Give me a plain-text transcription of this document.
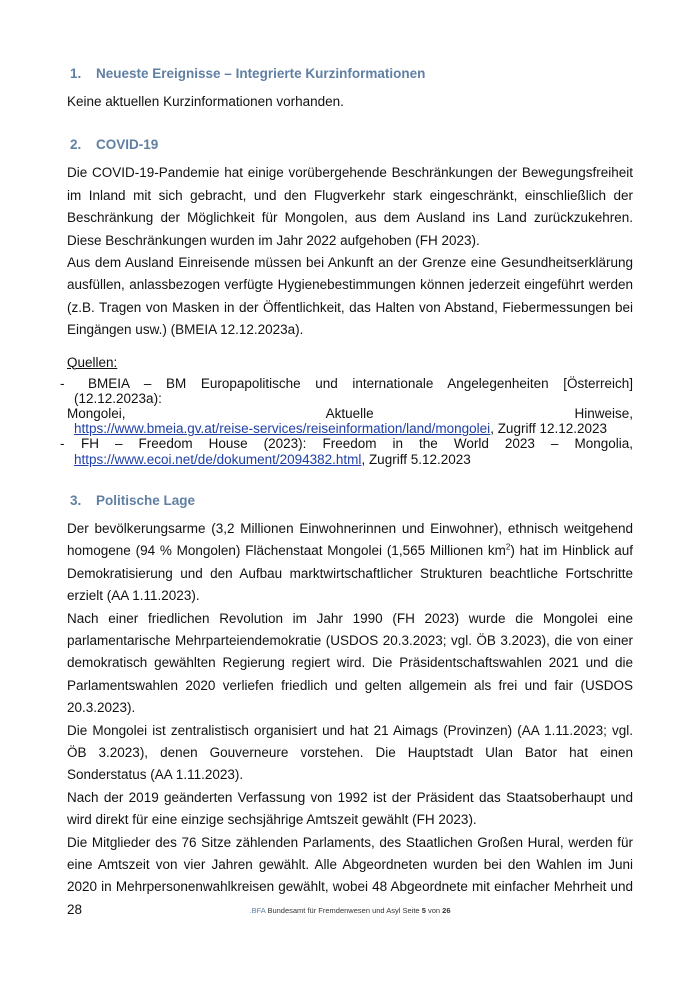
1. Neueste Ereignisse – Integrierte Kurzinformationen

Keine aktuellen Kurzinformationen vorhanden.

2. COVID-19

Die COVID-19-Pandemie hat einige vorübergehende Beschränkungen der Bewegungsfreiheit im Inland mit sich gebracht, und den Flugverkehr stark eingeschränkt, einschließlich der Beschränkung der Möglichkeit für Mongolen, aus dem Ausland ins Land zurückzukehren. Diese Beschränkungen wurden im Jahr 2022 aufgehoben (FH 2023).

Aus dem Ausland Einreisende müssen bei Ankunft an der Grenze eine Gesundheitserklärung ausfüllen, anlassbezogen verfügte Hygienebestimmungen können jederzeit eingeführt werden (z.B. Tragen von Masken in der Öffentlichkeit, das Halten von Abstand, Fiebermessungen bei Eingängen usw.) (BMEIA 12.12.2023a).

Quellen:
- BMEIA – BM Europapolitische und internationale Angelegenheiten [Österreich] (12.12.2023a):
Mongolei, Aktuelle Hinweise,
https://www.bmeia.gv.at/reise-services/reiseinformation/land/mongolei, Zugriff 12.12.2023
-	FH – Freedom House (2023): Freedom in the World 2023 – Mongolia,
https://www.ecoi.net/de/dokument/2094382.html, Zugriff 5.12.2023
3. Politische Lage

Der bevölkerungsarme (3,2 Millionen Einwohnerinnen und Einwohner), ethnisch weitgehend homogene (94 % Mongolen) Flächenstaat Mongolei (1,565 Millionen $km^2$) hat im Hinblick auf Demokratisierung und den Aufbau marktwirtschaftlicher Strukturen beachtliche Fortschritte erzielt (AA 1.11.2023).

Nach einer friedlichen Revolution im Jahr 1990 (FH 2023) wurde die Mongolei eine parlamentarische Mehrparteiendemokratie (USDOS 20.3.2023; vgl. ÖB 3.2023), die von einer demokratisch gewählten Regierung regiert wird. Die Präsidentschaftswahlen 2021 und die Parlamentswahlen 2020 verliefen friedlich und gelten allgemein als frei und fair (USDOS 20.3.2023).

Die Mongolei ist zentralistisch organisiert und hat 21 Aimags (Provinzen) (AA 1.11.2023; vgl. ÖB 3.2023), denen Gouverneure vorstehen. Die Hauptstadt Ulan Bator hat einen Sonderstatus (AA 1.11.2023).

Nach der 2019 geänderten Verfassung von 1992 ist der Präsident das Staatsoberhaupt und wird direkt für eine einzige sechsjährige Amtszeit gewählt (FH 2023).

Die Mitglieder des 76 Sitze zählenden Parlaments, des Staatlichen Großen Hural, werden für eine Amtszeit von vier Jahren gewählt. Alle Abgeordneten wurden bei den Wahlen im Juni 2020 in Mehrpersonenwahlkreisen gewählt, wobei 48 Abgeordnete mit einfacher Mehrheit und 28	.BFA Bundesamt für Fremdenwesen und Asyl Seite 5 von 26
